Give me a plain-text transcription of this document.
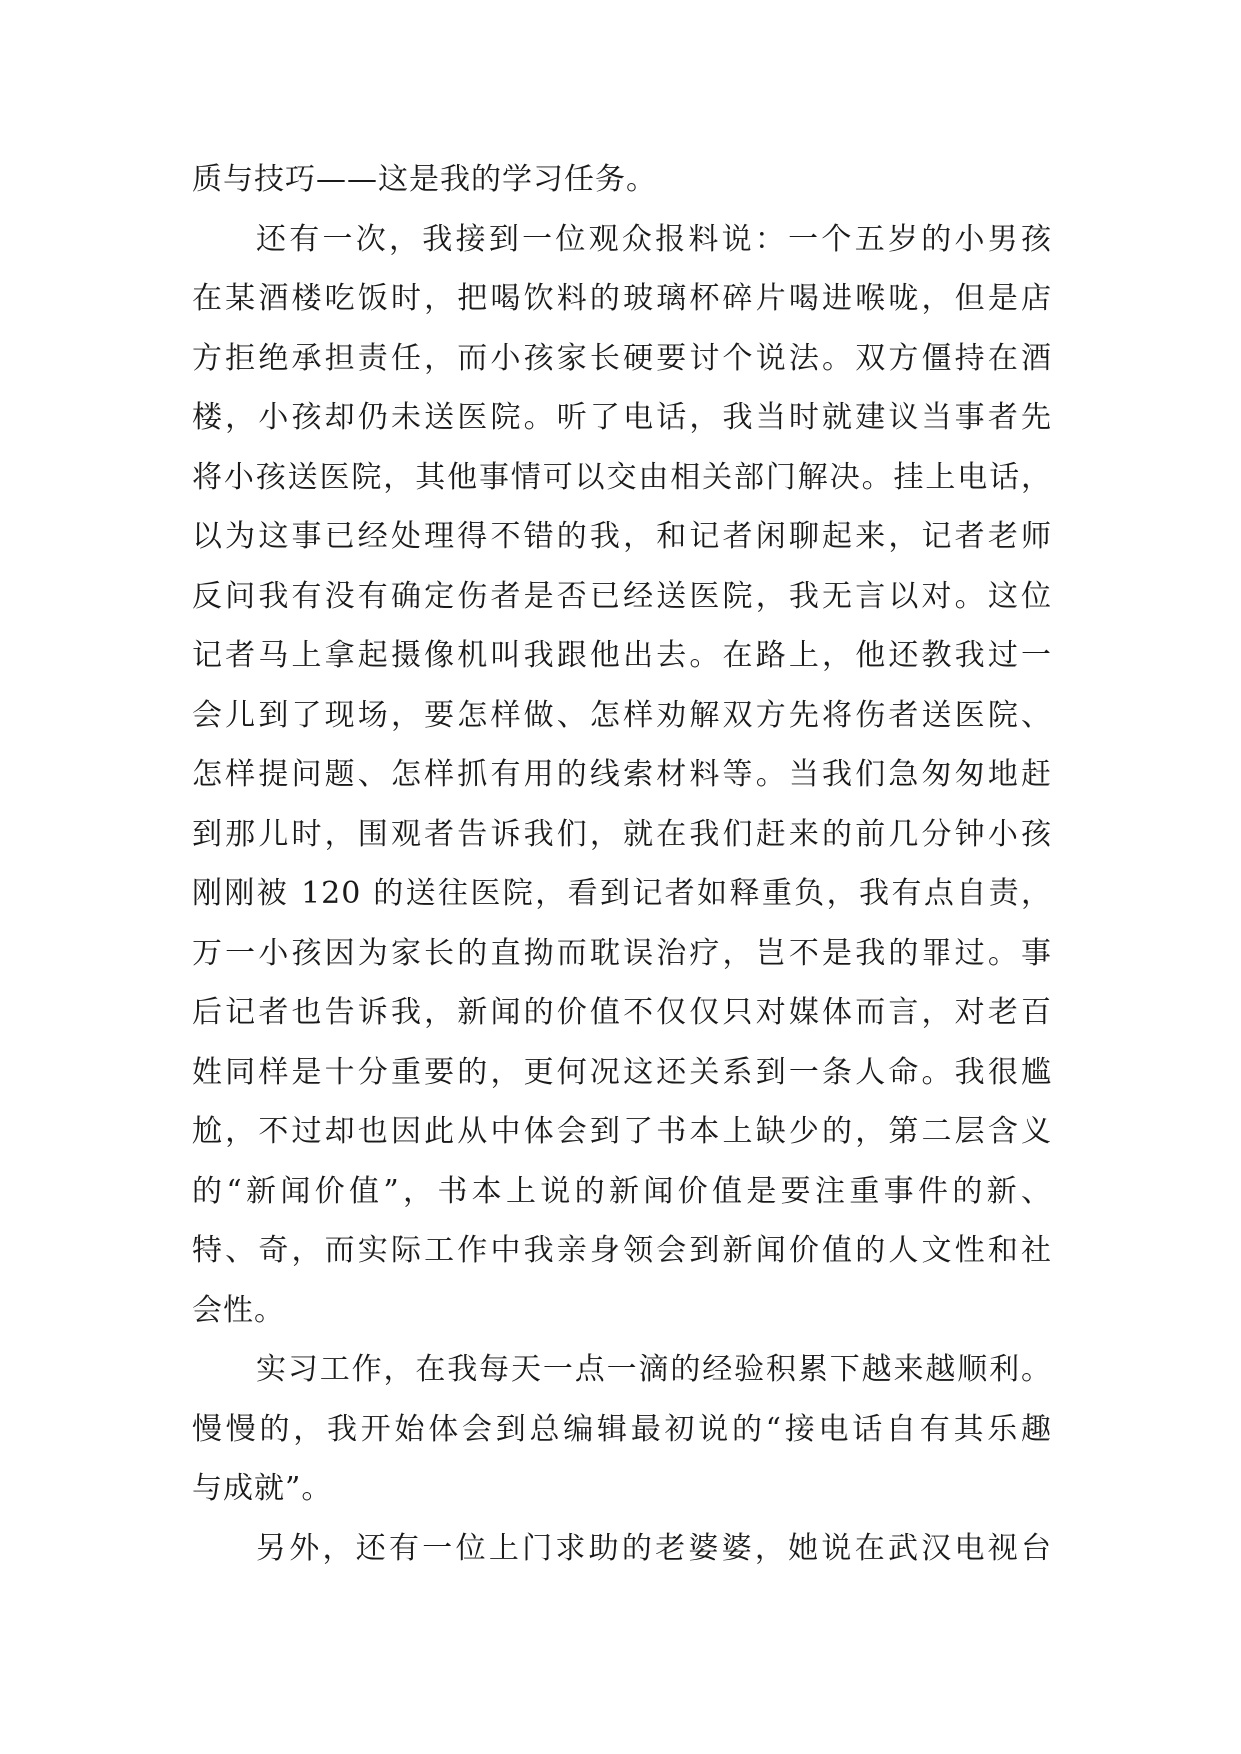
质与技巧——这是我的学习任务。
还有一次，我接到一位观众报料说：一个五岁的小男孩
在某酒楼吃饭时，把喝饮料的玻璃杯碎片喝进喉咙，但是店
方拒绝承担责任，而小孩家长硬要讨个说法。双方僵持在酒
楼，小孩却仍未送医院。听了电话，我当时就建议当事者先
将小孩送医院，其他事情可以交由相关部门解决。挂上电话，
以为这事已经处理得不错的我，和记者闲聊起来，记者老师
反问我有没有确定伤者是否已经送医院，我无言以对。这位
记者马上拿起摄像机叫我跟他出去。在路上，他还教我过一
会儿到了现场，要怎样做、怎样劝解双方先将伤者送医院、
怎样提问题、怎样抓有用的线索材料等。当我们急匆匆地赶
到那儿时，围观者告诉我们，就在我们赶来的前几分钟小孩
刚刚被 120 的送往医院，看到记者如释重负，我有点自责，
万一小孩因为家长的直拗而耽误治疗，岂不是我的罪过。事
后记者也告诉我，新闻的价值不仅仅只对媒体而言，对老百
姓同样是十分重要的，更何况这还关系到一条人命。我很尴
尬，不过却也因此从中体会到了书本上缺少的，第二层含义
的“新闻价值”，书本上说的新闻价值是要注重事件的新、
特、奇，而实际工作中我亲身领会到新闻价值的人文性和社
会性。
实习工作，在我每天一点一滴的经验积累下越来越顺利。
慢慢的，我开始体会到总编辑最初说的“接电话自有其乐趣
与成就”。
另外，还有一位上门求助的老婆婆，她说在武汉电视台
